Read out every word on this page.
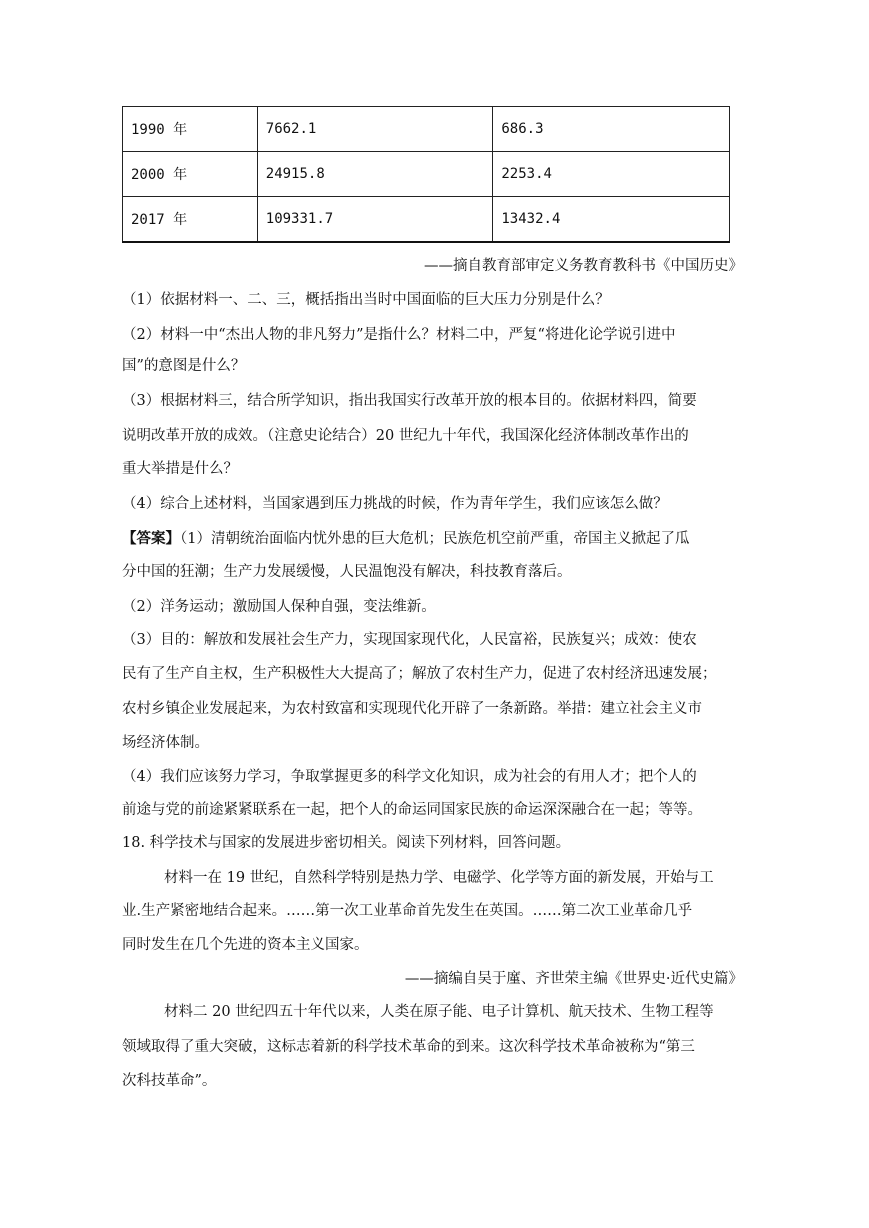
1990 年	7662.1	686.3
2000 年	24915.8	2253.4
2017 年	109331.7	13432.4
——摘自教育部审定义务教育教科书《中国历史》
（1）依据材料一、二、三，概括指出当时中国面临的巨大压力分别是什么？
（2）材料一中“杰出人物的非凡努力”是指什么？材料二中，严复“将进化论学说引进中
国”的意图是什么？
（3）根据材料三，结合所学知识，指出我国实行改革开放的根本目的。依据材料四，简要
说明改革开放的成效。（注意史论结合）20 世纪九十年代，我国深化经济体制改革作出的
重大举措是什么？
（4）综合上述材料，当国家遇到压力挑战的时候，作为青年学生，我们应该怎么做？
【答案】（1）清朝统治面临内忧外患的巨大危机；民族危机空前严重，帝国主义掀起了瓜
分中国的狂潮；生产力发展缓慢，人民温饱没有解决，科技教育落后。
（2）洋务运动；激励国人保种自强，变法维新。
（3）目的：解放和发展社会生产力，实现国家现代化，人民富裕，民族复兴；成效：使农
民有了生产自主权，生产积极性大大提高了；解放了农村生产力，促进了农村经济迅速发展；
农村乡镇企业发展起来，为农村致富和实现现代化开辟了一条新路。举措：建立社会主义市
场经济体制。
（4）我们应该努力学习，争取掌握更多的科学文化知识，成为社会的有用人才；把个人的
前途与党的前途紧紧联系在一起，把个人的命运同国家民族的命运深深融合在一起；等等。
18. 科学技术与国家的发展进步密切相关。阅读下列材料，回答问题。
材料一在 19 世纪，自然科学特别是热力学、电磁学、化学等方面的新发展，开始与工
业.生产紧密地结合起来。……第一次工业革命首先发生在英国。……第二次工业革命几乎
同时发生在几个先进的资本主义国家。
——摘编自吴于廑、齐世荣主编《世界史·近代史篇》
材料二 20 世纪四五十年代以来，人类在原子能、电子计算机、航天技术、生物工程等
领域取得了重大突破，这标志着新的科学技术革命的到来。这次科学技术革命被称为“第三
次科技革命”。
